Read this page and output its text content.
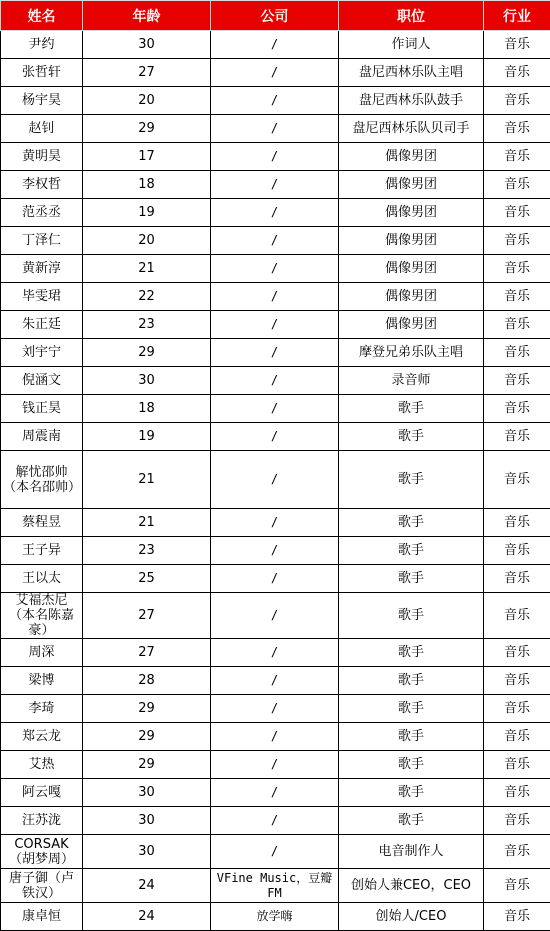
姓名	年龄	公司	职位	行业
尹约	30	/	作词人	音乐
张哲轩	27	/	盘尼西林乐队主唱	音乐
杨宇昊	20	/	盘尼西林乐队鼓手	音乐
赵钊	29	/	盘尼西林乐队贝司手	音乐
黄明昊	17	/	偶像男团	音乐
李权哲	18	/	偶像男团	音乐
范丞丞	19	/	偶像男团	音乐
丁泽仁	20	/	偶像男团	音乐
黄新淳	21	/	偶像男团	音乐
毕雯珺	22	/	偶像男团	音乐
朱正廷	23	/	偶像男团	音乐
刘宇宁	29	/	摩登兄弟乐队主唱	音乐
倪涵文	30	/	录音师	音乐
钱正昊	18	/	歌手	音乐
周震南	19	/	歌手	音乐
解忧邵帅（本名邵帅）	21	/	歌手	音乐
蔡程昱	21	/	歌手	音乐
王子异	23	/	歌手	音乐
王以太	25	/	歌手	音乐
艾福杰尼（本名陈嘉豪）	27	/	歌手	音乐
周深	27	/	歌手	音乐
梁博	28	/	歌手	音乐
李琦	29	/	歌手	音乐
郑云龙	29	/	歌手	音乐
艾热	29	/	歌手	音乐
阿云嘎	30	/	歌手	音乐
汪苏泷	30	/	歌手	音乐
CORSAK （胡梦周）	30	/	电音制作人	音乐
唐子御（卢铁汉）	24	VFine Music，豆瓣FM	创始人兼CEO，CEO	音乐
康卓恒	24	放学嗨	创始人/CEO	音乐
